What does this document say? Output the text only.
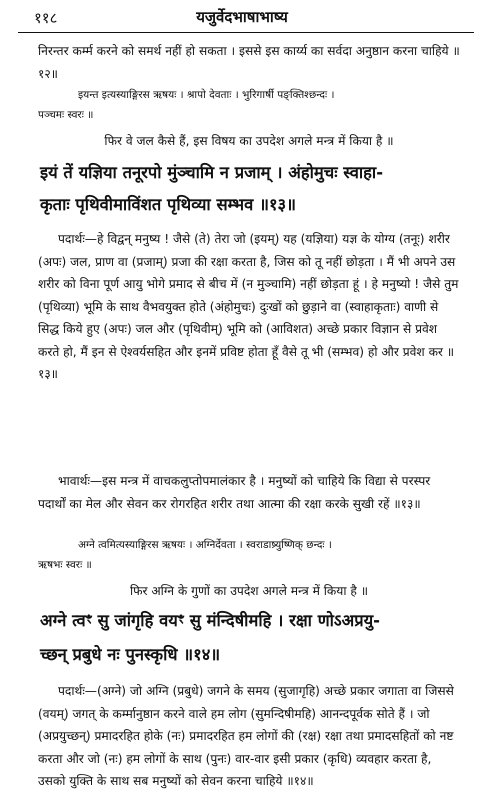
११८	यजुर्वेदभाषाभाष्य
निरन्तर कर्म्म करने को समर्थ नहीं हो सकता । इससे इस कार्य्य का सर्वदा अनुष्ठान करना चाहिये ॥१२॥
इयन्त इत्यस्याङ्गिरस ऋषयः । श्रापो देवताः । भुरिगार्षी पङ्क्तिश्छन्दः ।
पञ्चमः स्वरः ॥
फिर वे जल कैसे हैं, इस विषय का उपदेश अगले मन्त्र में किया है ॥
इयं तें यज्ञिया तनूरपो मुंञ्चामि न प्रजाम् । अंहोमुचः स्वाहा-
कृताः पृथिवीमाविंशत पृथिव्या सम्भव ॥१३॥
पदार्थः—हे विद्वन् मनुष्य ! जैसे (ते) तेरा जो (इयम्) यह (यज्ञिया) यज्ञ के योग्य (तनूः) शरीर (अपः) जल, प्राण वा (प्रजाम्) प्रजा की रक्षा करता है, जिस को तू नहीं छोड़ता । मैं भी अपने उस शरीर को विना पूर्ण आयु भोगे प्रमाद से बीच में (न मुञ्चामि) नहीं छोड़ता हूं । हे मनुष्यो ! जैसे तुम (पृथिव्या) भूमि के साथ वैभवयुक्त होते (अंहोमुचः) दुःखों को छुड़ाने वा (स्वाहाकृताः) वाणी से सिद्ध किये हुए (अपः) जल और (पृथिवीम्) भूमि को (आविशत) अच्छे प्रकार विज्ञान से प्रवेश करते हो, मैं इन से ऐश्वर्यसहित और इनमें प्रविष्ट होता हूँ वैसे तू भी (सम्भव) हो और प्रवेश कर ॥१३॥
भावार्थः—इस मन्त्र में वाचकलुप्तोपमालंकार है । मनुष्यों को चाहिये कि विद्या से परस्पर पदार्थों का मेल और सेवन कर रोगरहित शरीर तथा आत्मा की रक्षा करके सुखी रहें ॥१३॥
अग्ने त्वमित्यस्याङ्गिरस ऋषयः । अग्निर्देवता । स्वराडाष्र्युष्णिक् छन्दः ।
ऋषभः स्वरः ॥
फिर अग्नि के गुणों का उपदेश अगले मन्त्र में किया है ॥
अग्ने त्वꣳ सु जांगृहि वयꣳ सु मंन्दिषीमहि । रक्षा णोऽअप्रयु-
च्छन् प्रबुधे नः पुनस्कृधि ॥१४॥
पदार्थः—(अग्ने) जो अग्नि (प्रबुधे) जगने के समय (सुजागृहि) अच्छे प्रकार जगाता वा जिससे (वयम्) जगत् के कर्म्मानुष्ठान करने वाले हम लोग (सुमन्दिषीमहि) आनन्दपूर्वक सोते हैं । जो (अप्रयुच्छन्) प्रमादरहित होके (नः) प्रमादरहित हम लोगों की (रक्ष) रक्षा तथा प्रमादसहितों को नष्ट करता और जो (नः) हम लोगों के साथ (पुनः) वार-वार इसी प्रकार (कृधि) व्यवहार करता है, उसको युक्ति के साथ सब मनुष्यों को सेवन करना चाहिये ॥१४॥
